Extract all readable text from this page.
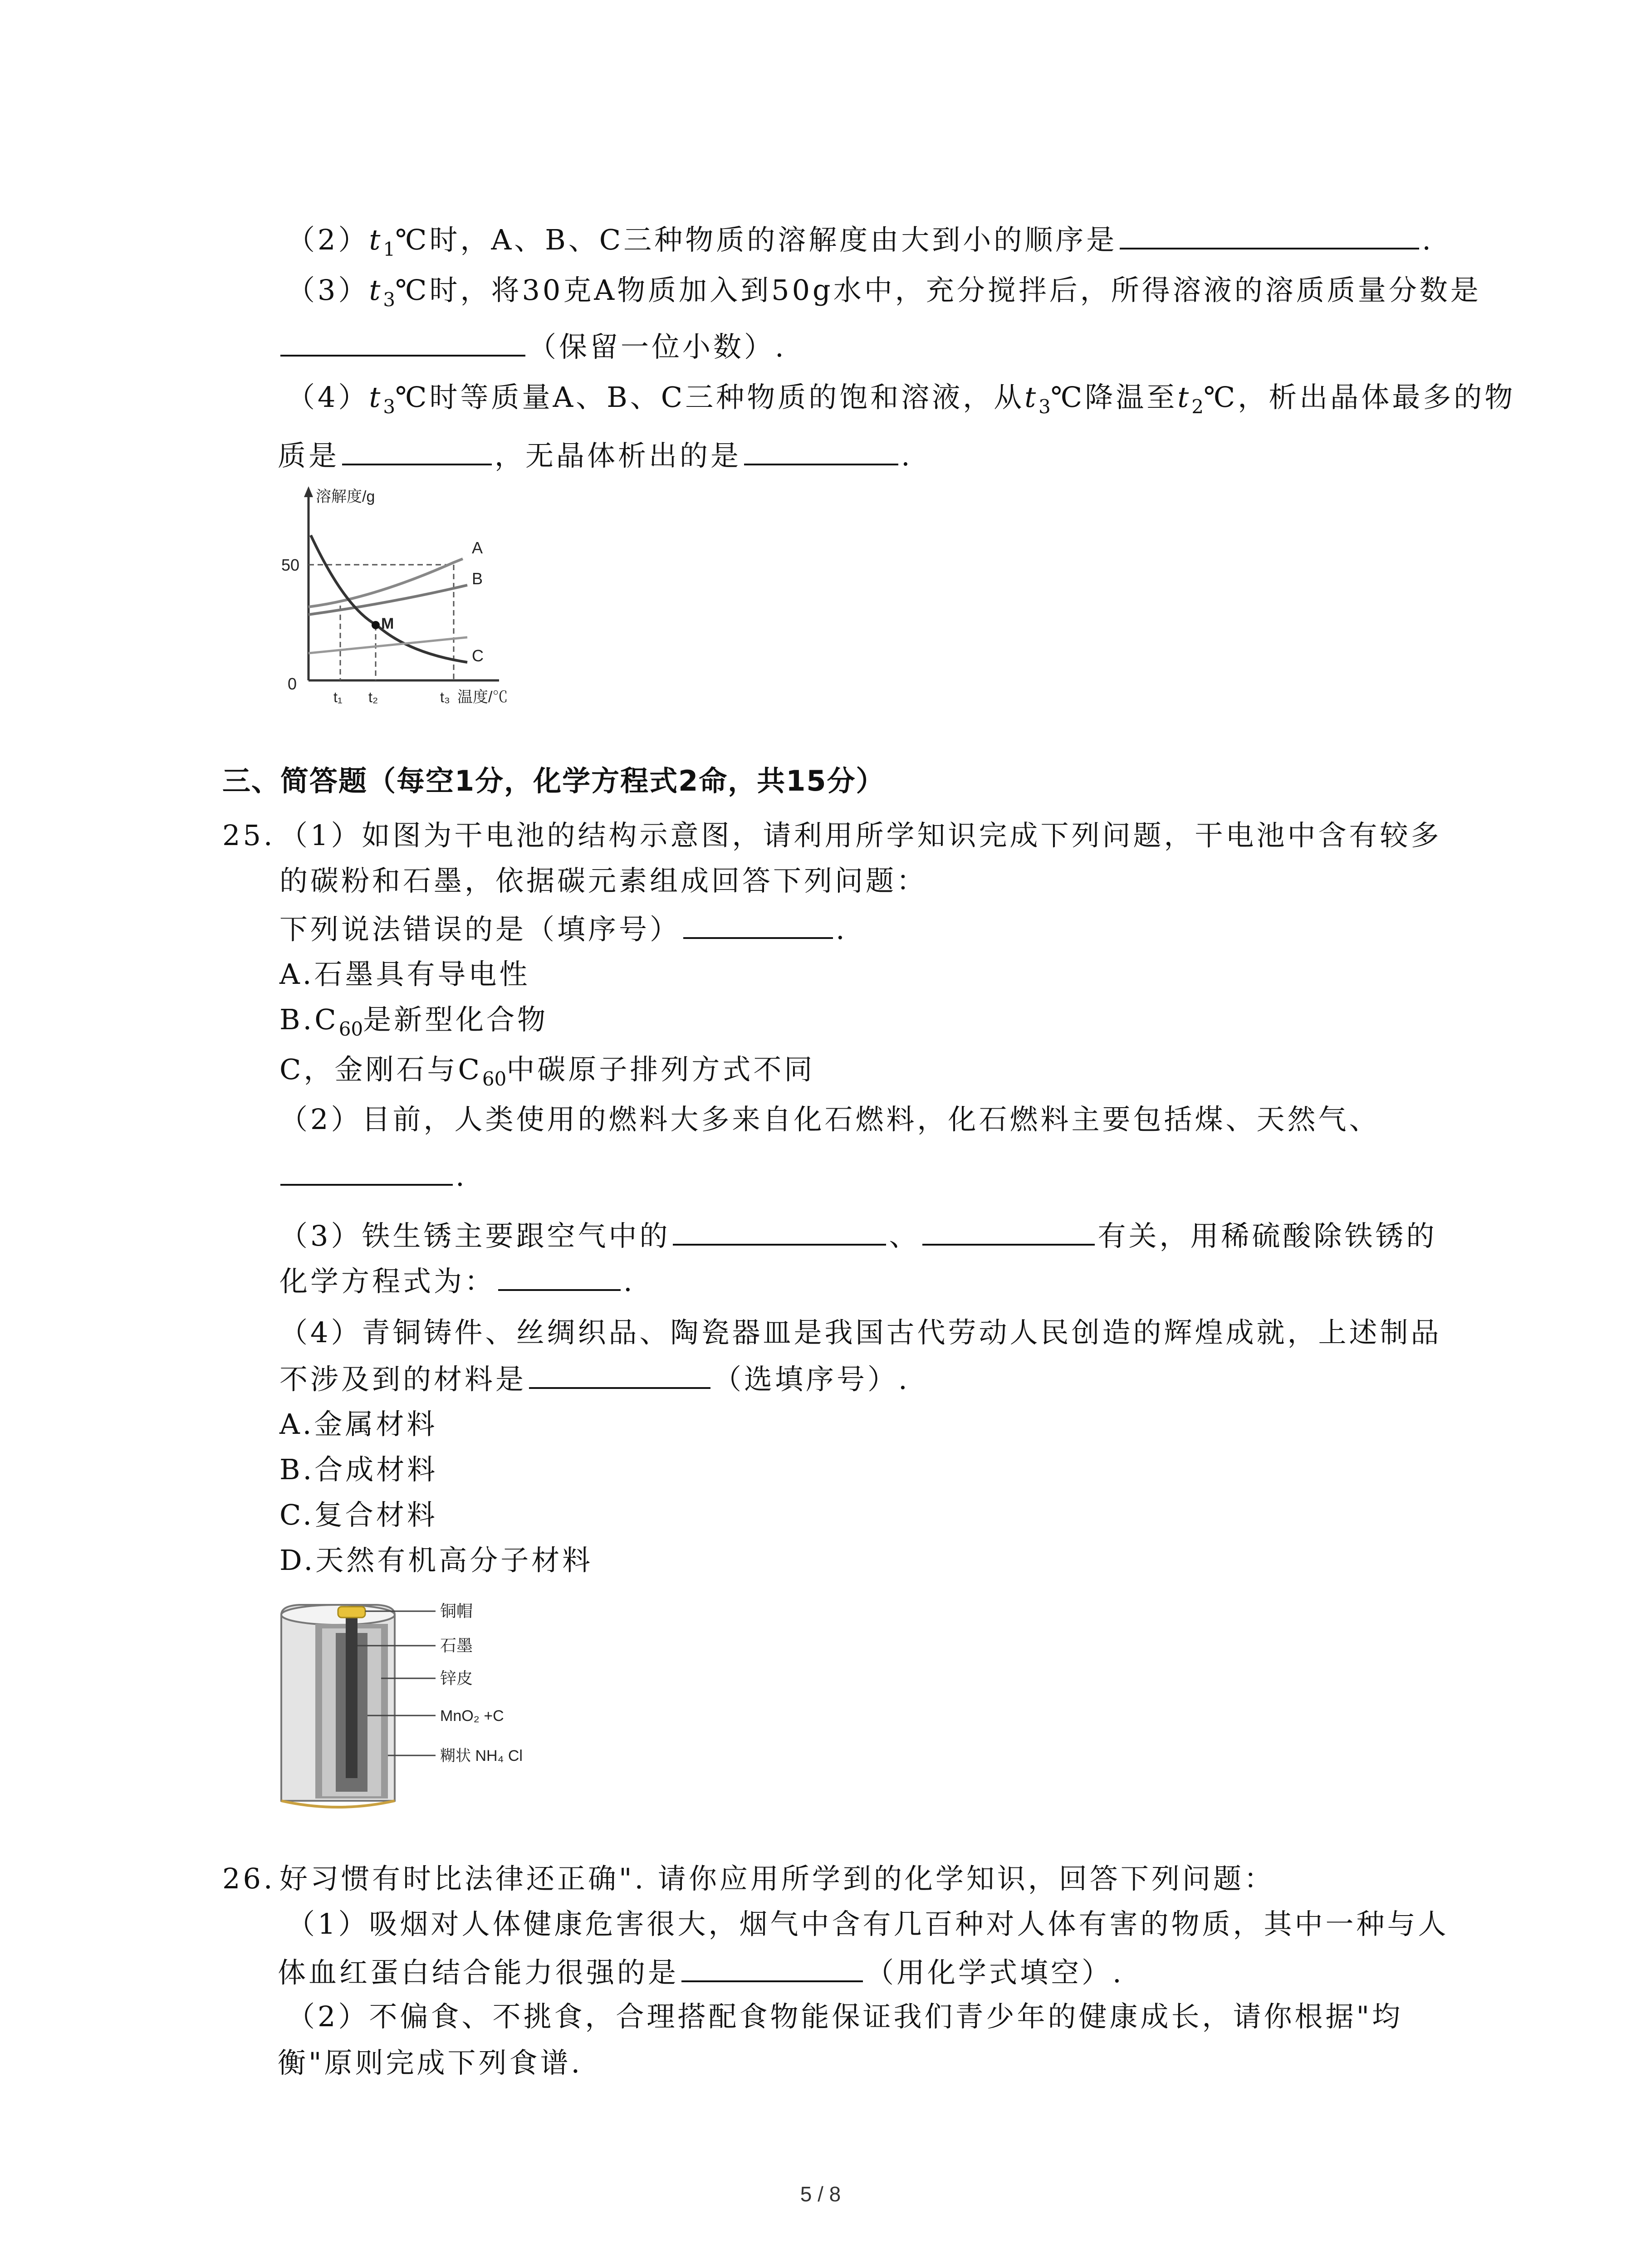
$(2)t_1℃$时，A、B、C三种物质的溶解度由大到小的顺序是	.
$(3)t_3℃$时，将30克A物质加入到50g水中，充分搅拌后，所得溶液的溶质质量分数是
（保留一位小数）.
$(4)t_3℃$时等质量A、B、C三种物质的饱和溶液，从$t_3℃$降温至$t_2℃$，析出晶体最多的物
质是	，无晶体析出的是	.
溶解度/g
50
0
M
A
B
C
t₁ t₂	t₃ 温度/℃
三、简答题（每空1分，化学方程式2命，共15分）
25. （1）如图为干电池的结构示意图，请利用所学知识完成下列问题，干电池中含有较多
的碳粉和石墨，依据碳元素组成回答下列问题：
下列说法错误的是（填序号）	.
A.石墨具有导电性
$B.C_{60}$是新型化合物
C，金刚石与$C_{60}$中碳原子排列方式不同
（2）目前，人类使用的燃料大多来自化石燃料，化石燃料主要包括煤、天然气、
.
（3）铁生锈主要跟空气中的	、	有关，用稀硫酸除铁锈的
化学方程式为：	.
（4）青铜铸件、丝绸织品、陶瓷器皿是我国古代劳动人民创造的辉煌成就，上述制品
不涉及到的材料是	（选填序号）.
A.金属材料
B.合成材料
C.复合材料
D.天然有机高分子材料
铜帽
石墨
锌皮
MnO₂ +C
糊状 NH₄ Cl
26. 好习惯有时比法律还正确". 请你应用所学到的化学知识，回答下列问题：
（1）吸烟对人体健康危害很大，烟气中含有几百种对人体有害的物质，其中一种与人
体血红蛋白结合能力很强的是	（用化学式填空）.
（2）不偏食、不挑食，合理搭配食物能保证我们青少年的健康成长，请你根据"均
衡"原则完成下列食谱.
5 / 8
